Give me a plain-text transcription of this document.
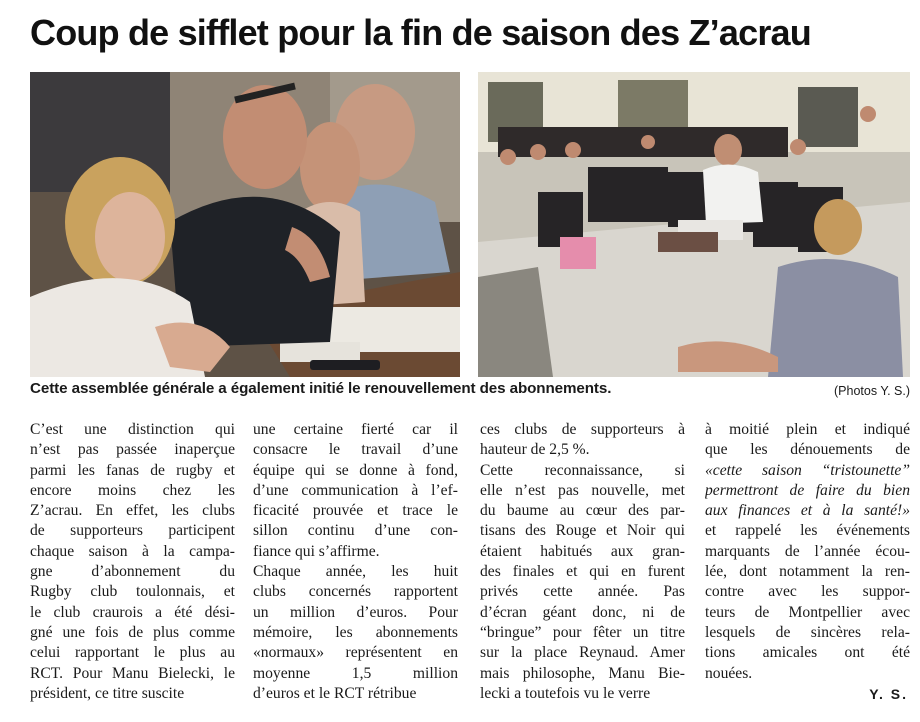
Coup de sifflet pour la fin de saison des Z’acrau
Cette assemblée générale a également initié le renouvellement des abonnements.	(Photos Y. S.)
C’est une distinction qui
n’est pas passée inaperçue
parmi les fanas de rugby et
encore moins chez les
Z’acrau. En effet, les clubs
de supporteurs participent
chaque saison à la campa-
gne d’abonnement du
Rugby club toulonnais, et
le club craurois a été dési-
gné une fois de plus comme
celui rapportant le plus au
RCT. Pour Manu Bielecki, le
président, ce titre suscite
une certaine fierté car il
consacre le travail d’une
équipe qui se donne à fond,
d’une communication à l’ef-
ficacité prouvée et trace le
sillon continu d’une con-
fiance qui s’affirme.
Chaque année, les huit
clubs concernés rapportent
un million d’euros. Pour
mémoire, les abonnements
«normaux» représentent en
moyenne 1,5 million
d’euros et le RCT rétribue
ces clubs de supporteurs à
hauteur de 2,5 %.
Cette reconnaissance, si
elle n’est pas nouvelle, met
du baume au cœur des par-
tisans des Rouge et Noir qui
étaient habitués aux gran-
des finales et qui en furent
privés cette année. Pas
d’écran géant donc, ni de
“bringue” pour fêter un titre
sur la place Reynaud. Amer
mais philosophe, Manu Bie-
lecki a toutefois vu le verre
à moitié plein et indiqué
que les dénouements de
«cette saison “tristounette”
permettront de faire du bien
aux finances et à la santé!»
et rappelé les événements
marquants de l’année écou-
lée, dont notamment la ren-
contre avec les suppor-
teurs de Montpellier avec
lesquels de sincères rela-
tions amicales ont été
nouées.
Y. S.
